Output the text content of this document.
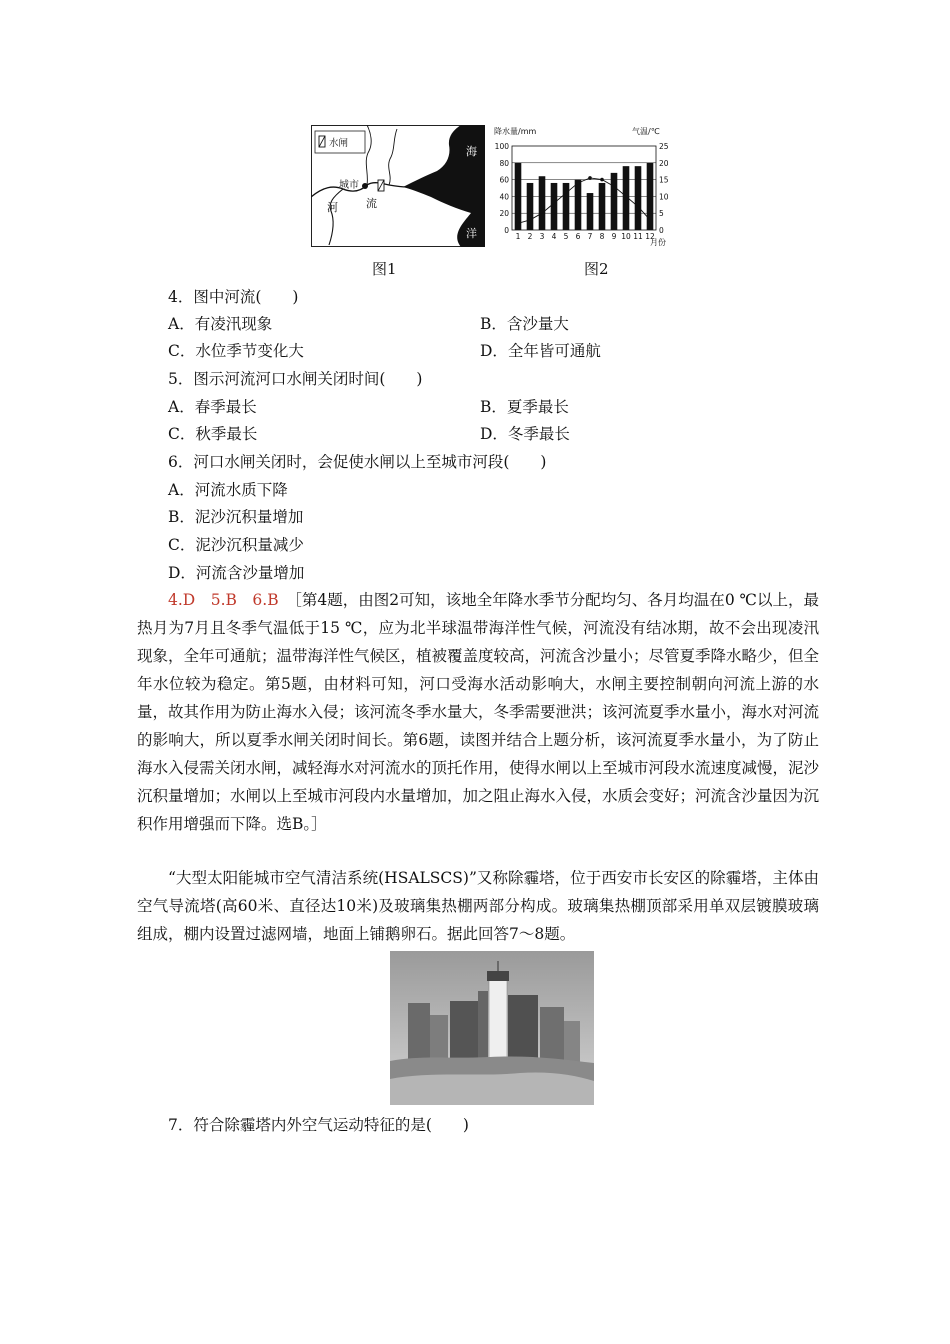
水闸
城市
河	流
海
洋
图1
降水量/mm	气温/℃
月份
0
20
40
60
80
100
0
5
10
15
20
25
1 2 3 4 5 6 7 8 9 10 11 12
图2
4．图中河流(　　)
A．有凌汛现象	B．含沙量大
C．水位季节变化大	D．全年皆可通航
5．图示河流河口水闸关闭时间(　　)
A．春季最长	B．夏季最长
C．秋季最长	D．冬季最长
6．河口水闸关闭时，会促使水闸以上至城市河段(　　)
A．河流水质下降
B．泥沙沉积量增加
C．泥沙沉积量减少
D．河流含沙量增加
4.D　5.B　6.B　 ［第4题，由图2可知，该地全年降水季节分配均匀、各月均温在0 ℃以上，最热月为7月且冬季气温低于15 ℃，应为北半球温带海洋性气候，河流没有结冰期，故不会出现凌汛现象，全年可通航；温带海洋性气候区，植被覆盖度较高，河流含沙量小；尽管夏季降水略少，但全年水位较为稳定。第5题，由材料可知，河口受海水活动影响大，水闸主要控制朝向河流上游的水量，故其作用为防止海水入侵；该河流冬季水量大，冬季需要泄洪；该河流夏季水量小，海水对河流的影响大，所以夏季水闸关闭时间长。第6题，读图并结合上题分析，该河流夏季水量小，为了防止海水入侵需关闭水闸，减轻海水对河流水的顶托作用，使得水闸以上至城市河段水流速度减慢，泥沙沉积量增加；水闸以上至城市河段内水量增加，加之阻止海水入侵，水质会变好；河流含沙量因为沉积作用增强而下降。选B。］
“大型太阳能城市空气清洁系统(HSALSCS)”又称除霾塔，位于西安市长安区的除霾塔，主体由空气导流塔(高60米、直径达10米)及玻璃集热棚两部分构成。玻璃集热棚顶部采用单双层镀膜玻璃组成，棚内设置过滤网墙，地面上铺鹅卵石。据此回答7～8题。
7．符合除霾塔内外空气运动特征的是(　　)
